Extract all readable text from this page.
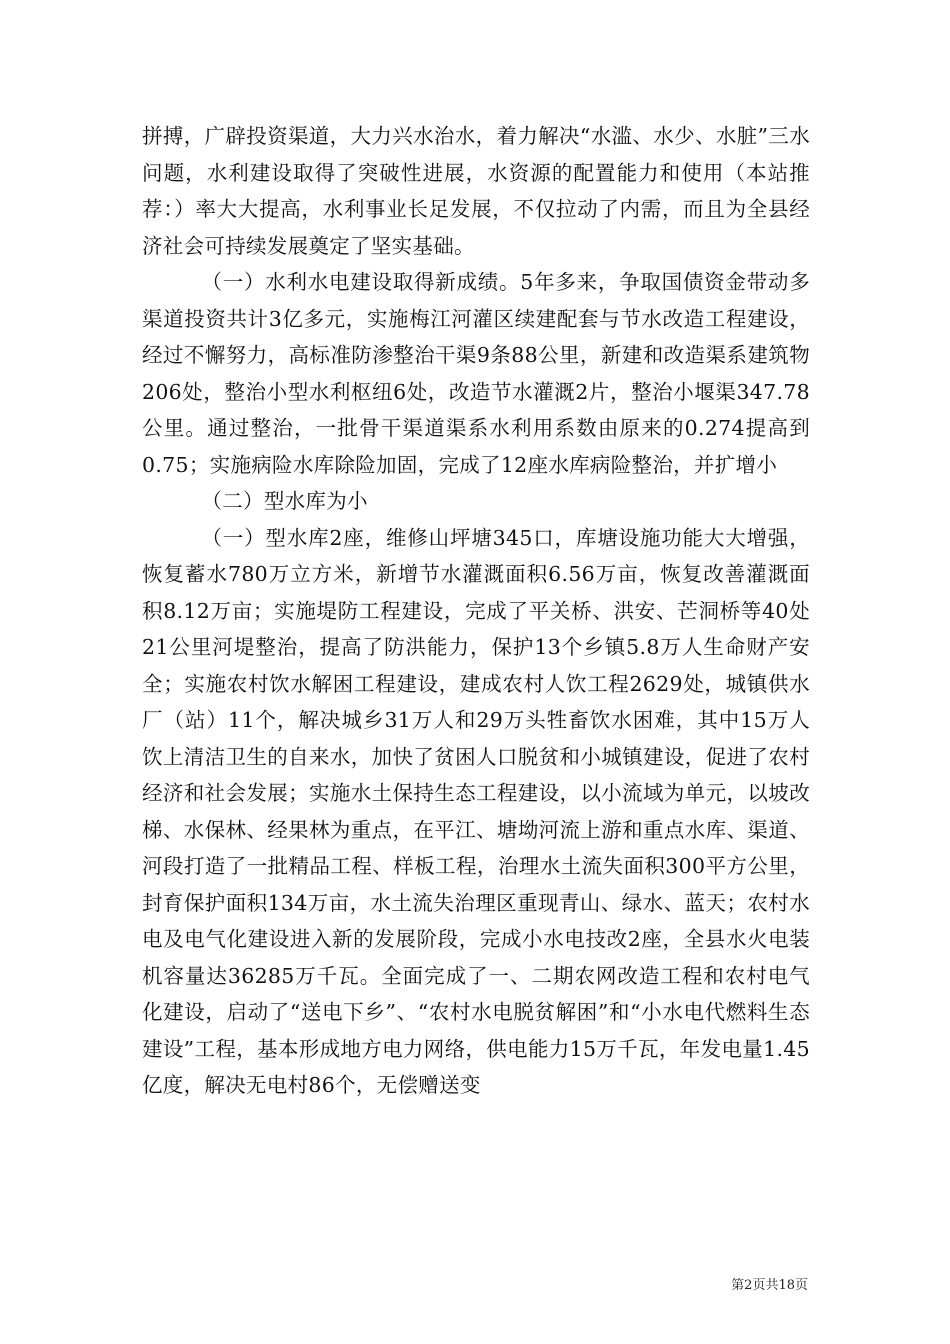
拼搏，广辟投资渠道，大力兴水治水，着力解决“水滥、水少、水脏”三水问题，水利建设取得了突破性进展，水资源的配置能力和使用（本站推荐：）率大大提高，水利事业长足发展，不仅拉动了内需，而且为全县经济社会可持续发展奠定了坚实基础。

（一）水利水电建设取得新成绩。5年多来，争取国债资金带动多渠道投资共计3亿多元，实施梅江河灌区续建配套与节水改造工程建设，经过不懈努力，高标准防渗整治干渠9条88公里，新建和改造渠系建筑物206处，整治小型水利枢纽6处，改造节水灌溉2片，整治小堰渠347.78公里。通过整治，一批骨干渠道渠系水利用系数由原来的0.274提高到0.75；实施病险水库除险加固，完成了12座水库病险整治，并扩增小

（二）型水库为小

（一）型水库2座，维修山坪塘345口，库塘设施功能大大增强，恢复蓄水780万立方米，新增节水灌溉面积6.56万亩，恢复改善灌溉面积8.12万亩；实施堤防工程建设，完成了平关桥、洪安、芒洞桥等40处21公里河堤整治，提高了防洪能力，保护13个乡镇5.8万人生命财产安全；实施农村饮水解困工程建设，建成农村人饮工程2629处，城镇供水厂（站）11个，解决城乡31万人和29万头牲畜饮水困难，其中15万人饮上清洁卫生的自来水，加快了贫困人口脱贫和小城镇建设，促进了农村经济和社会发展；实施水土保持生态工程建设，以小流域为单元，以坡改梯、水保林、经果林为重点，在平江、塘坳河流上游和重点水库、渠道、河段打造了一批精品工程、样板工程，治理水土流失面积300平方公里，封育保护面积134万亩，水土流失治理区重现青山、绿水、蓝天；农村水电及电气化建设进入新的发展阶段，完成小水电技改2座，全县水火电装机容量达36285万千瓦。全面完成了一、二期农网改造工程和农村电气化建设，启动了“送电下乡”、“农村水电脱贫解困”和“小水电代燃料生态建设”工程，基本形成地方电力网络，供电能力15万千瓦，年发电量1.45亿度，解决无电村86个，无偿赠送变

第2页共18页
